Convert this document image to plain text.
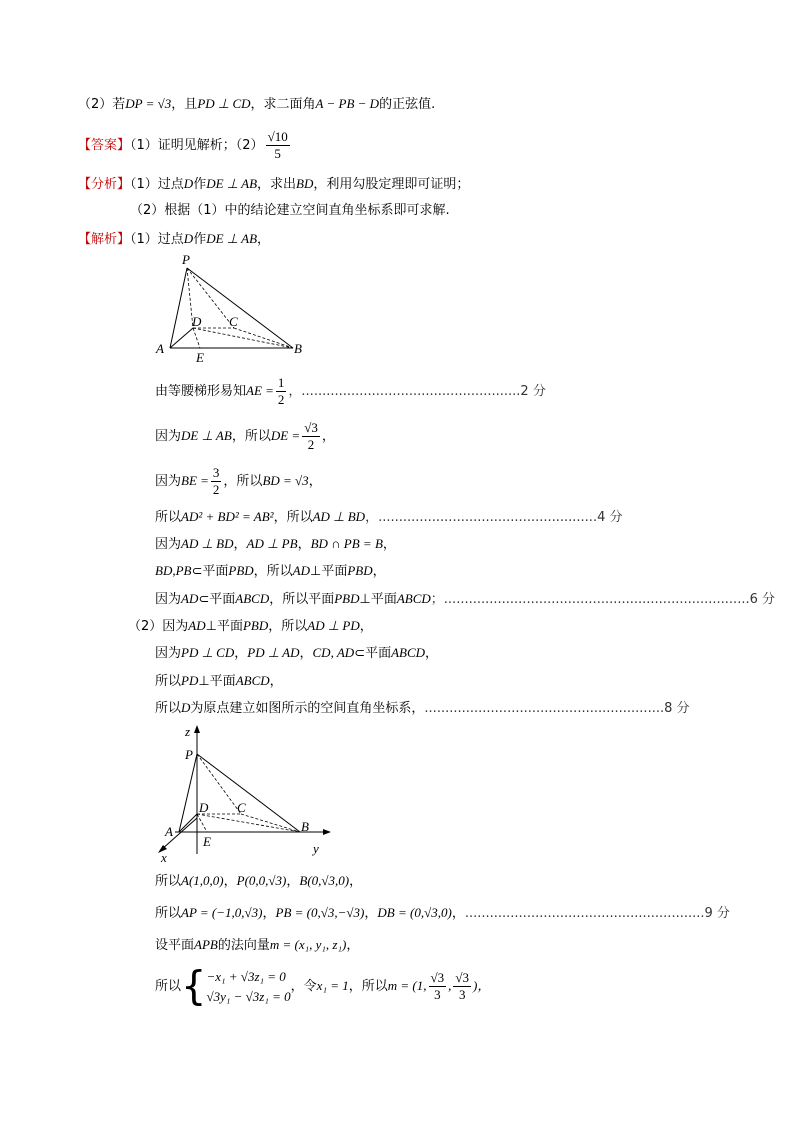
（2）若DP = √3，且PD ⊥ CD，求二面角A − PB − D的正弦值.
【答案】（1）证明见解析；$(2) \frac{√10}{5}$
【分析】（1）过点D作DE ⊥ AB，求出BD，利用勾股定理即可证明；
（2）根据（1）中的结论建立空间直角坐标系即可求解.
【解析】（1）过点D作DE ⊥ AB，
P
D C
A	B
E
由等腰梯形易知AE = $\frac{1}{2}$ ，.....................................................2 分
因为DE ⊥ AB，所以DE = $\frac{√3}{2}$ ，
因为BE = $\frac{3}{2}$ ，所以BD = √3，
所以AD² + BD² = AB²，所以AD ⊥ BD，.....................................................4 分
因为AD ⊥ BD，AD ⊥ PB，BD ∩ PB = B，
BD,PB⊂平面PBD，所以AD⊥平面PBD，
因为AD⊂平面ABCD，所以平面PBD⊥平面ABCD；..........................................................................6 分
（2）因为AD⊥平面PBD，所以AD ⊥ PD，
因为PD ⊥ CD，PD ⊥ AD，CD, AD⊂平面ABCD，
所以PD⊥平面ABCD，
所以D为原点建立如图所示的空间直角坐标系，..........................................................8 分
z
P
D C
A	B
E
x
y
所以A(1,0,0)，P(0,0,√3)，B(0,√3,0)，
所以AP = (−1,0,√3)，PB = (0,√3,−√3)，DB = (0,√3,0)，..........................................................9 分
设平面APB的法向量m = (x₁, y₁, z₁)，
所以{ −x₁ + √3z₁ = 0
√3y₁ − √3z₁ = 0
，令x₁ = 1，所以m = (1, $\frac{√3}{3}$ , $\frac{√3}{3}$ )，
